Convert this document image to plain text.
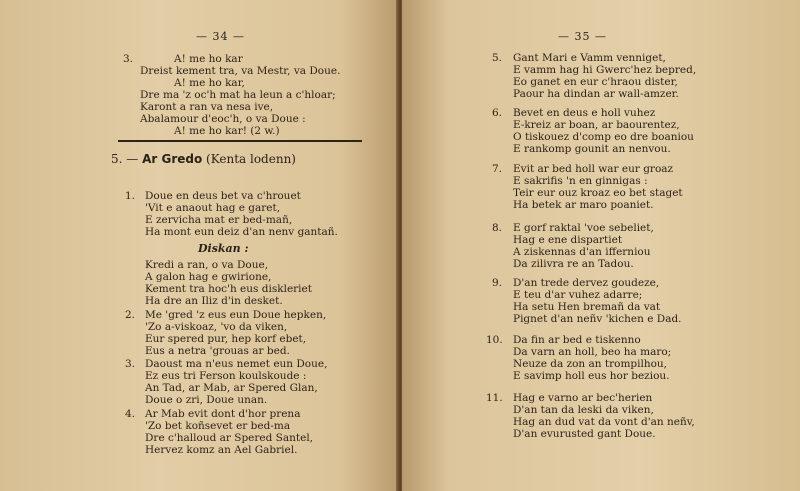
— 34 —
3.	A! me ho kar
Dreist kement tra, va Mestr, va Doue.
A! me ho kar,
Dre ma 'z oc'h mat ha leun a c'hloar;
Karont a ran va nesa ive,
Abalamour d'eoc'h, o va Doue :
A! me ho kar! (2 w.)
5. — Ar Gredo (Kenta lodenn)
1. Doue en deus bet va c'hrouet
'Vit e anaout hag e garet,
E zervicha mat er bed-mañ,
Ha mont eun deiz d'an nenv gantañ.
Diskan :
Kredi a ran, o va Doue,
A galon hag e gwirione,
Kement tra hoc'h eus diskleriet
Ha dre an Iliz d'in desket.
2. Me 'gred 'z eus eun Doue hepken,
'Zo a-viskoaz, 'vo da viken,
Eur spered pur, hep korf ebet,
Eus a netra 'grouas ar bed.
3. Daoust ma n'eus nemet eun Doue,
Ez eus tri Ferson koulskoude :
An Tad, ar Mab, ar Spered Glan,
Doue o zri, Doue unan.
4. Ar Mab evit dont d'hor prena
'Zo bet koñsevet er bed-ma
Dre c'halloud ar Spered Santel,
Hervez komz an Ael Gabriel.
— 35 —
5. Gant Mari e Vamm venniget,
E vamm hag hi Gwerc'hez bepred,
Eo ganet en eur c'hraou dister,
Paour ha dindan ar wall-amzer.
6. Bevet en deus e holl vuhez
E-kreiz ar boan, ar baourentez,
O tiskouez d'comp eo dre boaniou
E rankomp gounit an nenvou.
7. Evit ar bed holl war eur groaz
E sakrifis 'n en ginnigas :
Teir eur ouz kroaz eo bet staget
Ha betek ar maro poaniet.
8. E gorf raktal 'voe sebeliet,
Hag e ene dispartiet
A ziskennas d'an ifferniou
Da zilivra re an Tadou.
9. D'an trede dervez goudeze,
E teu d'ar vuhez adarre;
Ha setu Hen bremañ da vat
Pignet d'an neñv 'kichen e Dad.
10. Da fin ar bed e tiskenno
Da varn an holl, beo ha maro;
Neuze da zon an trompilhou,
E savimp holl eus hor beziou.
11. Hag e varno ar bec'herien
D'an tan da leski da viken,
Hag an dud vat da vont d'an neñv,
D'an evurusted gant Doue.
